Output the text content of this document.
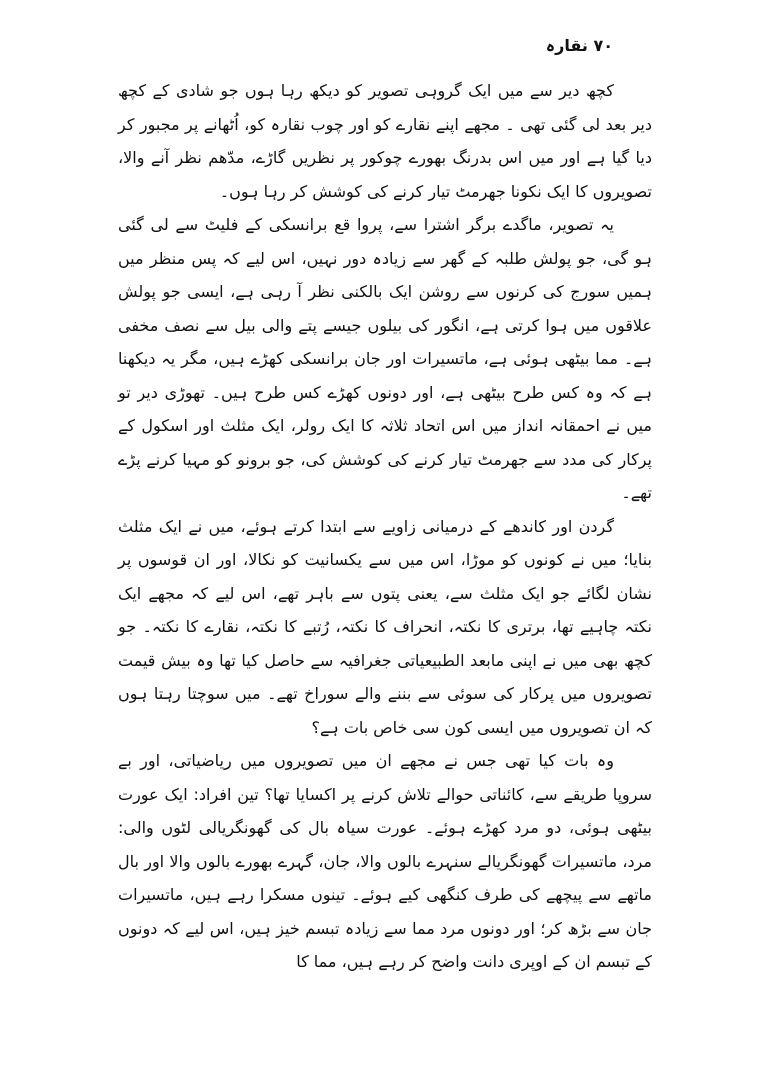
۷۰ نقارہ

کچھ دیر سے میں ایک گروہی تصویر کو دیکھ رہا ہوں جو شادی کے کچھ دیر بعد لی گئی تھی ۔ مجھے اپنے نقارے کو اور چوب نقارہ کو، اُٹھانے پر مجبور کر دیا گیا ہے اور میں اس بدرنگ بھورے چوکور پر نظریں گاڑے، مدّھم نظر آنے والا، تصویروں کا ایک نکونا جھرمٹ تیار کرنے کی کوشش کر رہا ہوں۔

یہ تصویر، ماگدے برگر اشترا سے، پروا قع برانسکی کے فلیٹ سے لی گئی ہو گی، جو پولش طلبہ کے گھر سے زیادہ دور نہیں، اس لیے کہ پس منظر میں ہمیں سورج کی کرنوں سے روشن ایک بالکنی نظر آ رہی ہے، ایسی جو پولش علاقوں میں ہوا کرتی ہے، انگور کی بیلوں جیسے پتے والی بیل سے نصف مخفی ہے۔ مما بیٹھی ہوئی ہے، ماتسیرات اور جان برانسکی کھڑے ہیں، مگر یہ دیکھنا ہے کہ وہ کس طرح بیٹھی ہے، اور دونوں کھڑے کس طرح ہیں۔ تھوڑی دیر تو میں نے احمقانہ انداز میں اس اتحاد ثلاثہ کا ایک رولر، ایک مثلث اور اسکول کے پرکار کی مدد سے جھرمٹ تیار کرنے کی کوشش کی، جو برونو کو مہیا کرنے پڑے تھے۔

گردن اور کاندھے کے درمیانی زاویے سے ابتدا کرتے ہوئے، میں نے ایک مثلث بنایا؛ میں نے کونوں کو موڑا، اس میں سے یکسانیت کو نکالا، اور ان قوسوں پر نشان لگائے جو ایک مثلث سے، یعنی پتوں سے باہر تھے، اس لیے کہ مجھے ایک نکتہ چاہیے تھا، برتری کا نکتہ، انحراف کا نکتہ، رُتبے کا نکتہ، نقارے کا نکتہ۔ جو کچھ بھی میں نے اپنی مابعد الطبیعیاتی جغرافیہ سے حاصل کیا تھا وہ بیش قیمت تصویروں میں پرکار کی سوئی سے بننے والے سوراخ تھے۔ میں سوچتا رہتا ہوں کہ ان تصویروں میں ایسی کون سی خاص بات ہے؟

وہ بات کیا تھی جس نے مجھے ان میں تصویروں میں ریاضیاتی، اور بے سروپا طریقے سے، کائناتی حوالے تلاش کرنے پر اکسایا تھا؟ تین افراد: ایک عورت بیٹھی ہوئی، دو مرد کھڑے ہوئے۔ عورت سیاہ بال کی گھونگریالی لٹوں والی: مرد، ماتسیرات گھونگریالے سنہرے بالوں والا، جان، گہرے بھورے بالوں والا اور بال ماتھے سے پیچھے کی طرف کنگھی کیے ہوئے۔ تینوں مسکرا رہے ہیں، ماتسیرات جان سے بڑھ کر؛ اور دونوں مرد مما سے زیادہ تبسم خیز ہیں، اس لیے کہ دونوں کے تبسم ان کے اوپری دانت واضح کر رہے ہیں، مما کا
